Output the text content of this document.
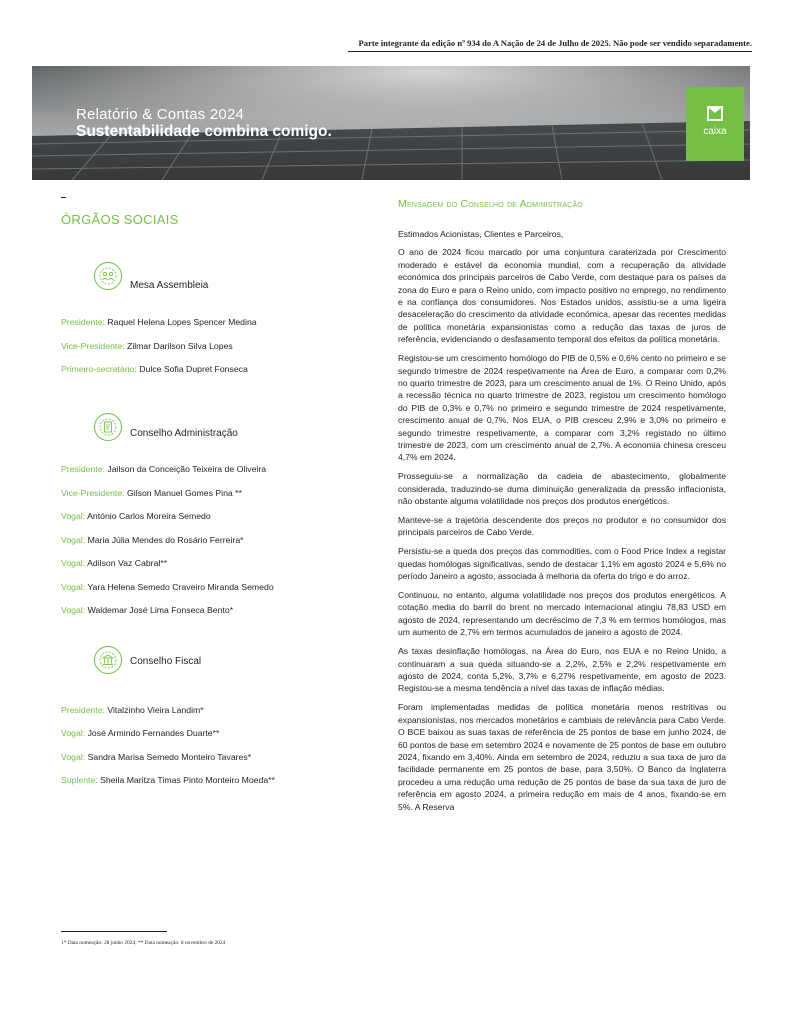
Parte integrante da edição nº 934 do A Nação de 24 de Julho de 2025. Não pode ser vendido separadamente.
Relatório & Contas 2024
Sustentabilidade combina comigo.	caixa
ÓRGÃOS SOCIAIS
Mesa Assembleia
Presidente: Raquel Helena Lopes Spencer Medina
Vice-Presidente: Zilmar Darilson Silva Lopes
Primeiro-secretário: Dulce Sofia Dupret Fonseca
Conselho Administração
Presidente: Jailson da Conceição Teixeira de Oliveira
Vice-Presidente: Gilson Manuel Gomes Pina **
Vogal: António Carlos Moreira Semedo
Vogal: Maria Júlia Mendes do Rosário Ferreira*
Vogal: Adilson Vaz Cabral**
Vogal: Yara Helena Semedo Craveiro Miranda Semedo
Vogal: Waldemar José Lima Fonseca Bento*
Conselho Fiscal
Presidente: Vitalzinho Vieira Landim*
Vogal: José Armindo Fernandes Duarte**
Vogal: Sandra Marisa Semedo Monteiro Tavares*
Suplente: Sheila Maritza Timas Pinto Monteiro Moeda**
1* Data nomeação: 28 junho 2024; ** Data nomeação: 8 novembro de 2024
Mensagem do Conselho de Administração
Estimados Acionistas, Clientes e Parceiros,

O ano de 2024 ficou marcado por uma conjuntura caraterizada por Crescimento moderado e estável da economia mundial, com a recuperação da atividade económica dos principais parceiros de Cabo Verde, com destaque para os países da zona do Euro e para o Reino unido, com impacto positivo no emprego, no rendimento e na confiança dos consumidores. Nos Estados unidos, assistiu-se a uma ligeira desaceleração do crescimento da atividade económica, apesar das recentes medidas de política monetária expansionistas como a redução das taxas de juros de referência, evidenciando o desfasamento temporal dos efeitos da política monetária.

Registou-se um crescimento homólogo do PIB de 0,5% e 0,6% cento no primeiro e se segundo trimestre de 2024 respetivamente na Área de Euro, a comparar com 0,2% no quarto trimestre de 2023, para um crescimento anual de 1%. O Reino Unido, após a recessão técnica no quarto trimestre de 2023, registou um crescimento homólogo do PIB de 0,3% e 0,7% no primeiro e segundo trimestre de 2024 respetivamente, crescimento anual de 0,7%. Nos EUA, o PIB cresceu 2,9% e 3,0% no primeiro e segundo trimestre respetivamente, a comparar com 3,2% registado no último trimestre de 2023, com um crescimento anual de 2,7%. A economia chinesa cresceu 4,7% em 2024.

Prosseguiu-se a normalização da cadeia de abastecimento, globalmente considerada, traduzindo-se duma diminuição generalizada da pressão inflacionista, não obstante alguma volatilidade nos preços dos produtos energéticos.

Manteve-se a trajetória descendente dos preços no produtor e no consumidor dos principais parceiros de Cabo Verde.

Persistiu-se a queda dos preços das commodities, com o Food Price Index a registar quedas homólogas significativas, sendo de destacar 1,1% em agosto 2024 e 5,6% no período Janeiro a agosto, associada à melhoria da oferta do trigo e do arroz.

Continuou, no entanto, alguma volatilidade nos preços dos produtos energéticos. A cotação media do barril do brent no mercado internacional atingiu 78,83 USD em agosto de 2024, representando um decréscimo de 7,3 % em termos homólogos, mas um aumento de 2,7% em termos acumulados de janeiro a agosto de 2024.

As taxas desinflação homólogas, na Área do Euro, nos EUA e no Reino Unido, a continuaram a sua queda situando-se a 2,2%, 2,5% e 2,2% respetivamente em agosto de 2024, conta 5,2%, 3,7% e 6,27% respetivamente, em agosto de 2023. Registou-se a mesma tendência a nível das taxas de inflação médias.

Foram implementadas medidas de política monetária menos restritivas ou expansionistas, nos mercados monetários e cambiais de relevância para Cabo Verde. O BCE baixou as suas taxas de referência de 25 pontos de base em junho 2024, de 60 pontos de base em setembro 2024 e novamente de 25 pontos de base em outubro 2024, fixando em 3,40%. Ainda em setembro de 2024, reduziu a sua taxa de juro da facilidade permanente em 25 pontos de base, para 3,50%. O Banco da Inglaterra procedeu a uma redução uma redução de 25 pontos de base da sua taxa de juro de referência em agosto 2024, a primeira redução em mais de 4 anos, fixando-se em 5%. A Reserva
